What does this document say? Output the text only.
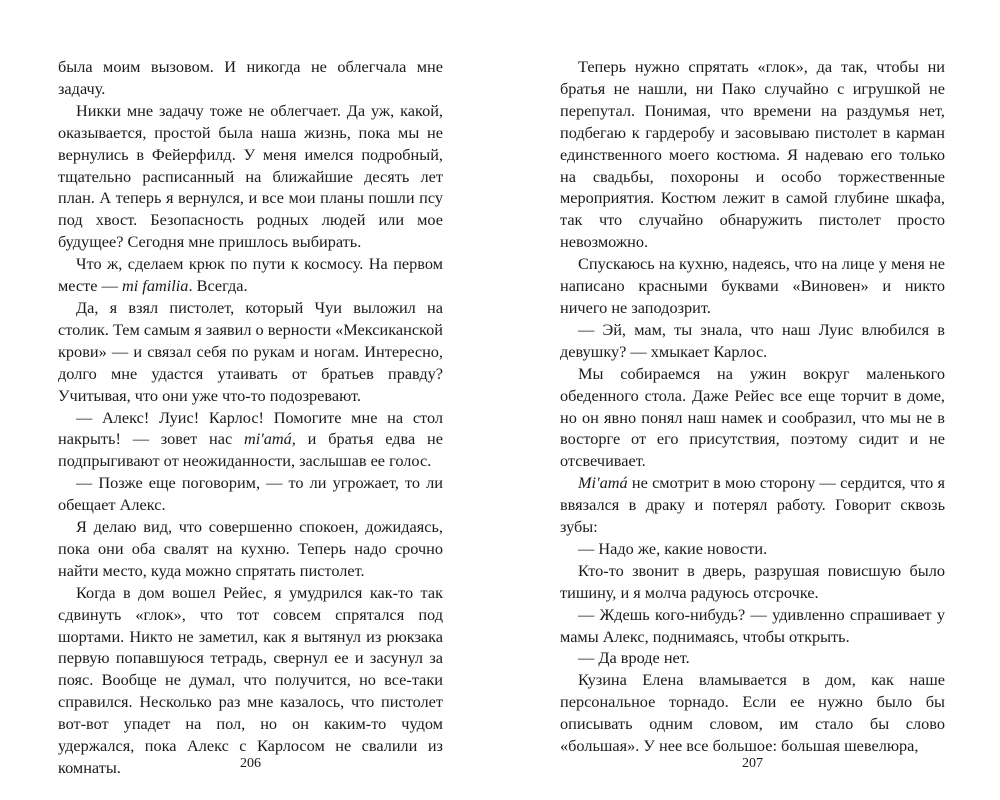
была моим вызовом. И никогда не облегчала мне задачу.

Никки мне задачу тоже не облегчает. Да уж, какой, оказывается, простой была наша жизнь, пока мы не вернулись в Фейерфилд. У меня имелся подробный, тщательно расписанный на ближайшие десять лет план. А теперь я вернулся, и все мои планы пошли псу под хвост. Безопасность родных людей или мое будущее? Сегодня мне пришлось выбирать.

Что ж, сделаем крюк по пути к космосу. На первом месте — mi familia. Всегда.

Да, я взял пистолет, который Чуи выложил на столик. Тем самым я заявил о верности «Мексиканской крови» — и связал себя по рукам и ногам. Интересно, долго мне удастся утаивать от братьев правду? Учитывая, что они уже что-то подозревают.

— Алекс! Луис! Карлос! Помогите мне на стол накрыть! — зовет нас mi'amá, и братья едва не подпрыгивают от неожиданности, заслышав ее голос.

— Позже еще поговорим, — то ли угрожает, то ли обещает Алекс.

Я делаю вид, что совершенно спокоен, дожидаясь, пока они оба свалят на кухню. Теперь надо срочно найти место, куда можно спрятать пистолет.

Когда в дом вошел Рейес, я умудрился как-то так сдвинуть «глок», что тот совсем спрятался под шортами. Никто не заметил, как я вытянул из рюкзака первую попавшуюся тетрадь, свернул ее и засунул за пояс. Вообще не думал, что получится, но все-таки справился. Несколько раз мне казалось, что пистолет вот-вот упадет на пол, но он каким-то чудом удержался, пока Алекс с Карлосом не свалили из комнаты.	206

Теперь нужно спрятать «глок», да так, чтобы ни братья не нашли, ни Пако случайно с игрушкой не перепутал. Понимая, что времени на раздумья нет, подбегаю к гардеробу и засовываю пистолет в карман единственного моего костюма. Я надеваю его только на свадьбы, похороны и особо торжественные мероприятия. Костюм лежит в самой глубине шкафа, так что случайно обнаружить пистолет просто невозможно.

Спускаюсь на кухню, надеясь, что на лице у меня не написано красными буквами «Виновен» и никто ничего не заподозрит.

— Эй, мам, ты знала, что наш Луис влюбился в девушку? — хмыкает Карлос.

Мы собираемся на ужин вокруг маленького обеденного стола. Даже Рейес все еще торчит в доме, но он явно понял наш намек и сообразил, что мы не в восторге от его присутствия, поэтому сидит и не отсвечивает.

Mi'amá не смотрит в мою сторону — сердится, что я ввязался в драку и потерял работу. Говорит сквозь зубы:

— Надо же, какие новости.

Кто-то звонит в дверь, разрушая повисшую было тишину, и я молча радуюсь отсрочке.

— Ждешь кого-нибудь? — удивленно спрашивает у мамы Алекс, поднимаясь, чтобы открыть.

— Да вроде нет.

Кузина Елена вламывается в дом, как наше персональное торнадо. Если ее нужно было бы описывать одним словом, им стало бы слово «большая». У нее все большое: большая шевелюра,

207
